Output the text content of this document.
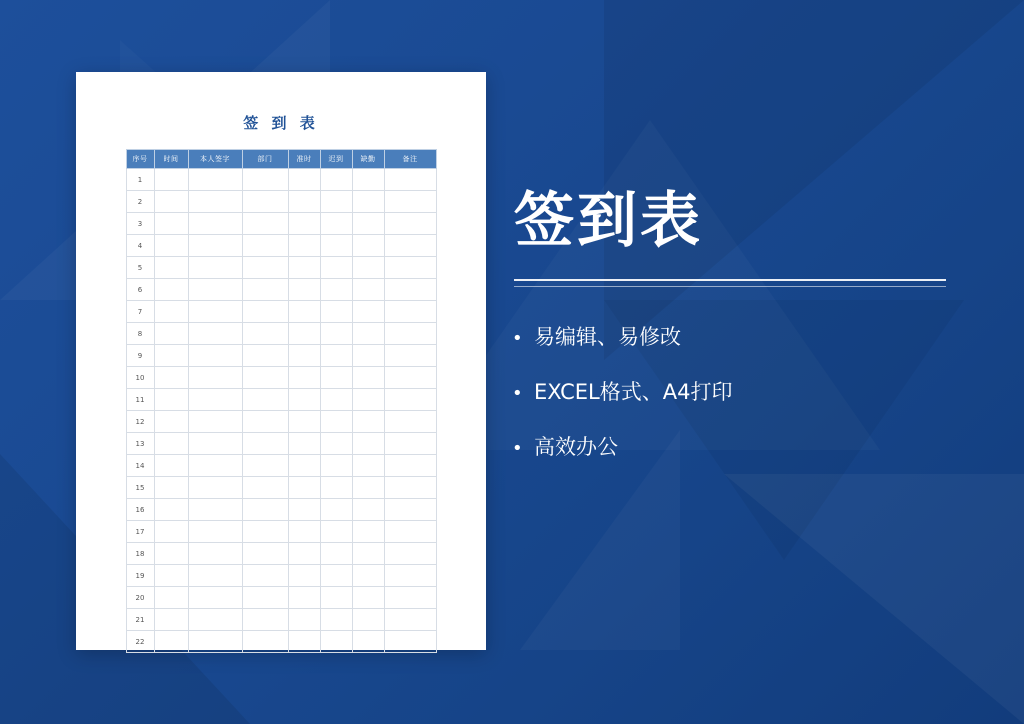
签 到 表
序号	时间	本人签字	部门	准时	迟到	缺勤	备注
1							
2							
3							
4							
5							
6							
7							
8							
9							
10							
11							
12							
13							
14							
15							
16							
17							
18							
19							
20							
21							
22							
签到表
• 易编辑、易修改
• EXCEL格式、A4打印
• 高效办公
